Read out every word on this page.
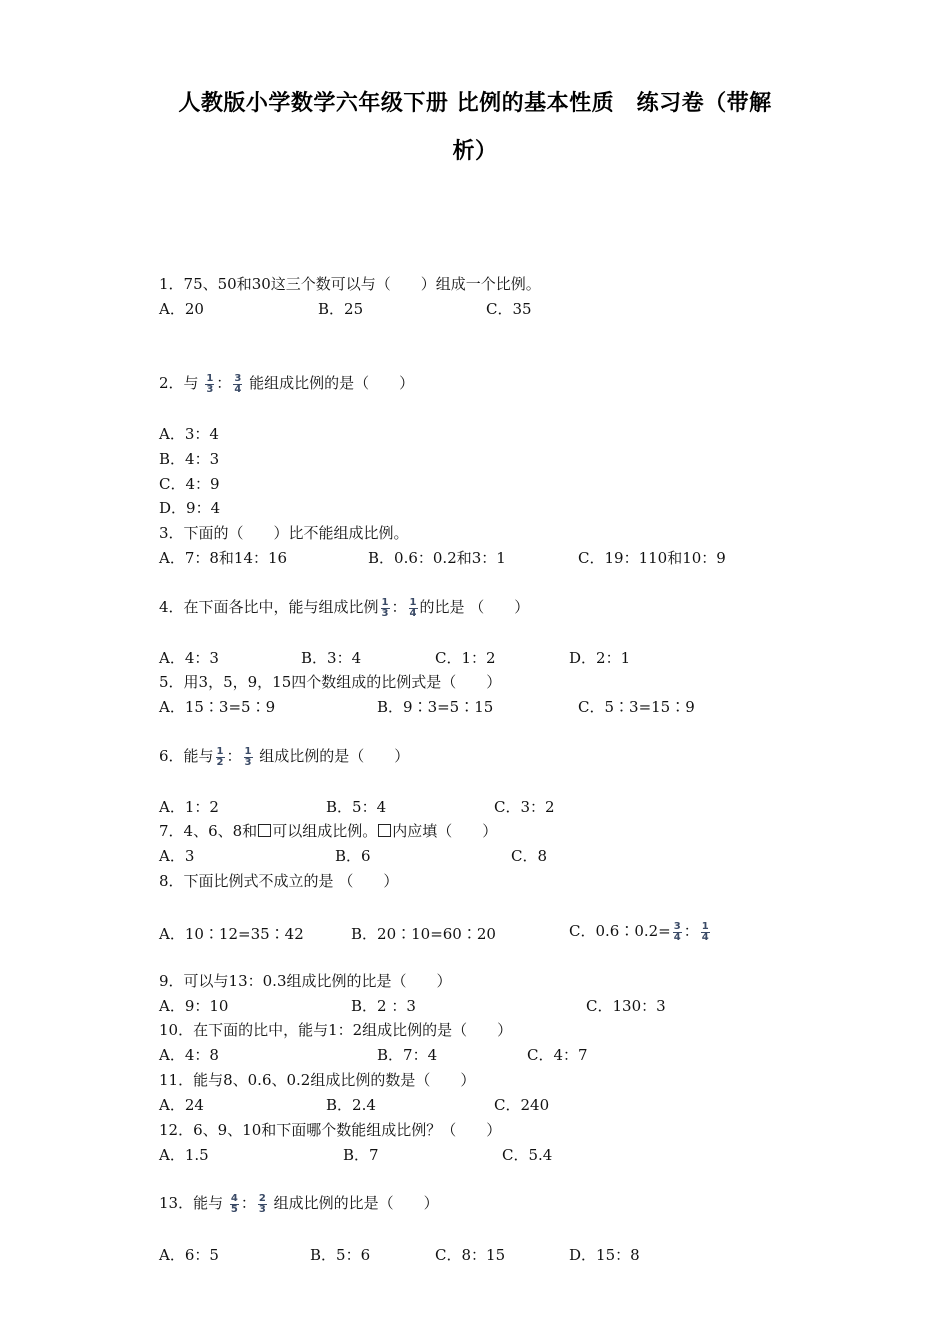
人教版小学数学六年级下册 比例的基本性质　练习卷（带解
析）
1．75、50和30这三个数可以与（　　）组成一个比例。
A．20	B．25	C．35
2．与 $\frac{1}{3}$ ： $\frac{3}{4}$ 能组成比例的是（　　）
A．3：4
B．4：3
C．4：9
D．9：4
3．下面的（　　）比不能组成比例。
A．7：8和14：16	B．0.6：0.2和3：1	C．19：110和10：9
4．在下面各比中，能与组成比例 $\frac{1}{3}$ ： $\frac{1}{4}$ 的比是 （　　）
A．4：3	B．3：4	C．1：2	D．2：1
5．用3，5，9，15四个数组成的比例式是（　　）
A．15∶3=5∶9	B．9∶3=5∶15	C．5∶3=15∶9
6．能与 $\frac{1}{2}$ ： $\frac{1}{3}$ 组成比例的是（　　）
A．1：2	B．5：4	C．3：2
7．4、6、8和 可以组成比例。 内应填（　　）
A．3	B．6	C．8
8．下面比例式不成立的是 （　　）
A．10∶12=35∶42	B．20∶10=60∶20	C．0.6∶0.2= $\frac{3}{4}$ ： $\frac{1}{4}$
9．可以与13：0.3组成比例的比是（　　）
A．9：10	B．2 ：3	C．130：3
10．在下面的比中，能与1：2组成比例的是（　　）
A．4：8	B．7：4	C．4：7
11．能与8、0.6、0.2组成比例的数是（　　）
A．24	B．2.4	C．240
12．6、9、10和下面哪个数能组成比例？（　　）
A．1.5	B．7	C．5.4
13．能与 $\frac{4}{5}$ ： $\frac{2}{3}$ 组成比例的比是（　　）
A．6：5	B．5：6	C．8：15	D．15：8
